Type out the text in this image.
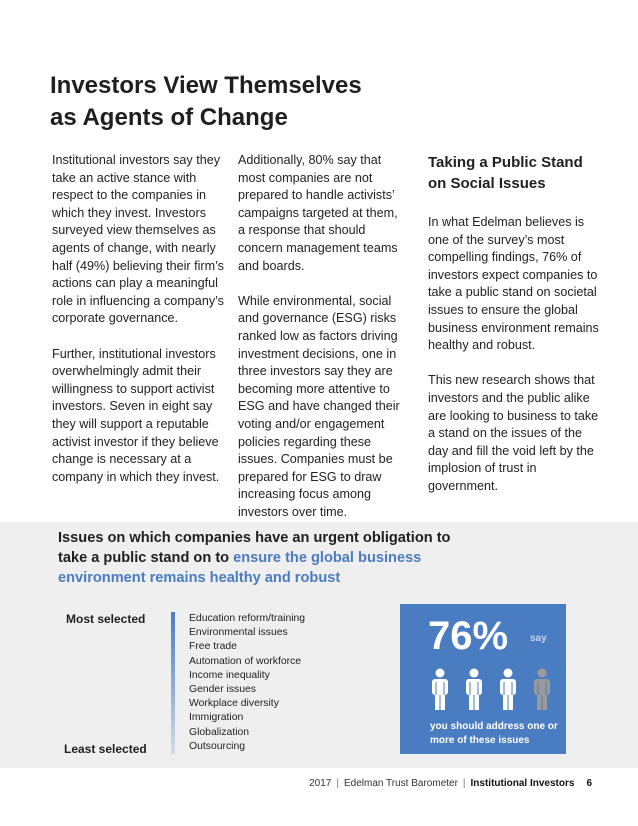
Investors View Themselves
as Agents of Change

Institutional investors say they take an active stance with respect to the companies in which they invest. Investors surveyed view themselves as agents of change, with nearly half (49%) believing their firm’s actions can play a meaningful role in influencing a company’s corporate governance.

Further, institutional investors overwhelmingly admit their willingness to support activist investors. Seven in eight say they will support a reputable activist investor if they believe change is necessary at a company in which they invest.

Additionally, 80% say that most companies are not prepared to handle activists’ campaigns targeted at them, a response that should concern management teams and boards.

While environmental, social and governance (ESG) risks ranked low as factors driving investment decisions, one in three investors say they are becoming more attentive to ESG and have changed their voting and/or engagement policies regarding these issues. Companies must be prepared for ESG to draw increasing focus among investors over time.

Taking a Public Stand on Social Issues

In what Edelman believes is one of the survey’s most compelling findings, 76% of investors expect companies to take a public stand on societal issues to ensure the global business environment remains healthy and robust.

This new research shows that investors and the public alike are looking to business to take a stand on the issues of the day and fill the void left by the implosion of trust in government.

Issues on which companies have an urgent obligation to take a public stand on to ensure the global business environment remains healthy and robust
Most selected
Least selected
Education reform/training
Environmental issues
Free trade
Automation of workforce
Income inequality
Gender issues
Workplace diversity
Immigration
Globalization
Outsourcing
76% say
you should address one or more of these issues
2017 | Edelman Trust Barometer | Institutional Investors 6
